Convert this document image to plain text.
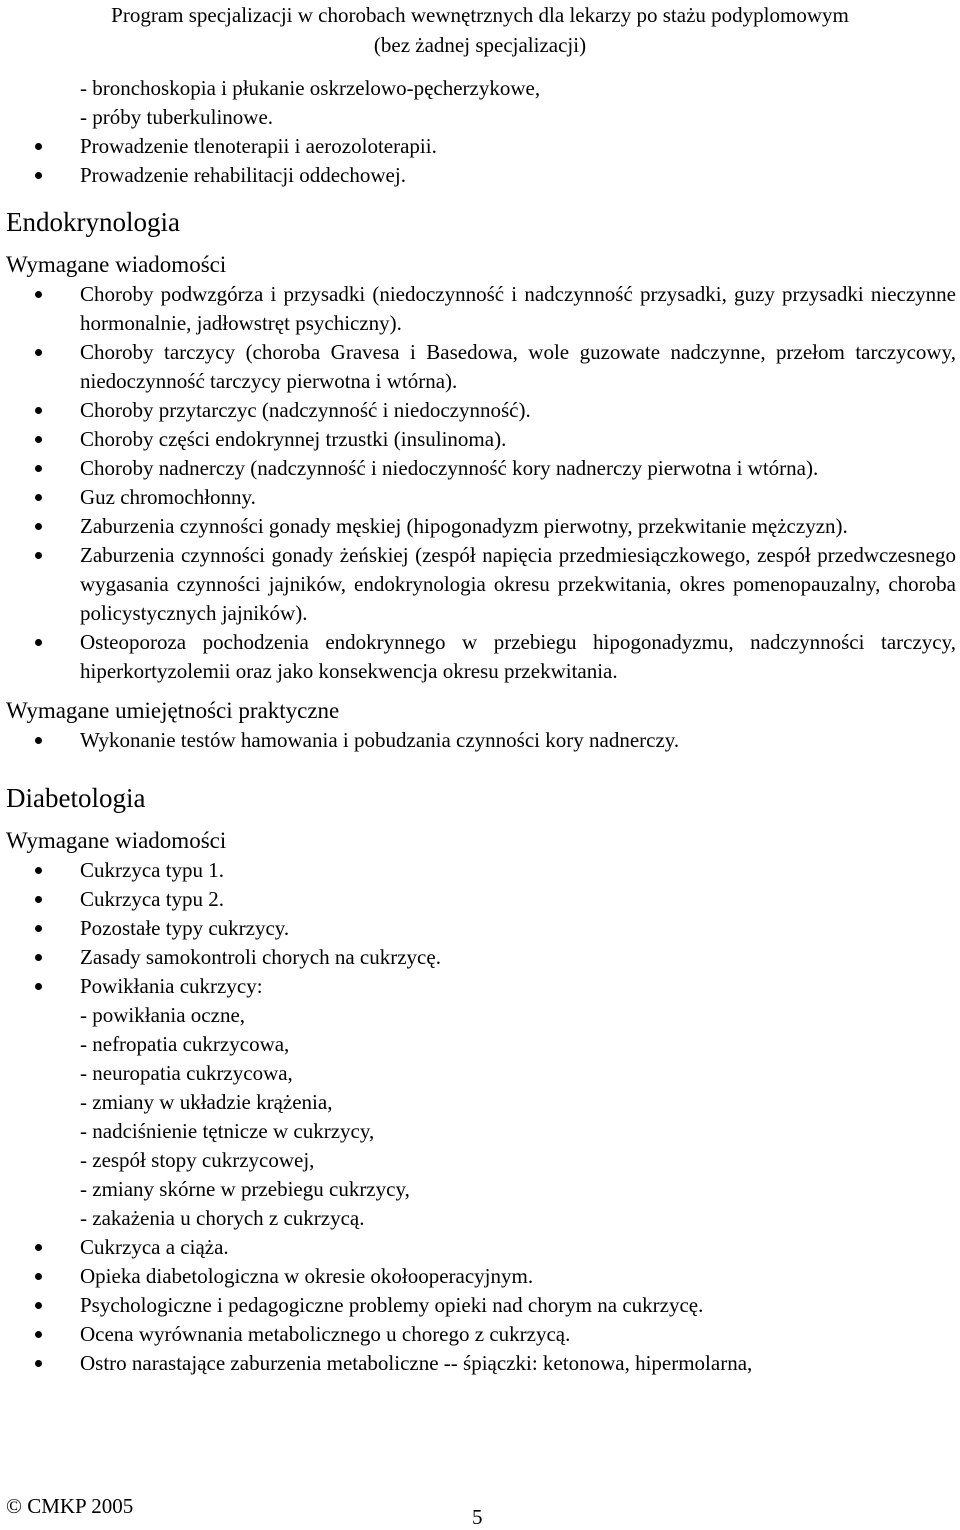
Program specjalizacji w chorobach wewnętrznych dla lekarzy po stażu podyplomowym
(bez żadnej specjalizacji)

- bronchoskopia i płukanie oskrzelowo-pęcherzykowe,

- próby tuberkulinowe.

Prowadzenie tlenoterapii i aerozoloterapii.
Prowadzenie rehabilitacji oddechowej.
Endokrynologia
Wymagane wiadomości
Choroby podwzgórza i przysadki (niedoczynność i nadczynność przysadki, guzy przysadki nieczynne hormonalnie, jadłowstręt psychiczny).
Choroby tarczycy (choroba Gravesa i Basedowa, wole guzowate nadczynne, przełom tarczycowy, niedoczynność tarczycy pierwotna i wtórna).
Choroby przytarczyc (nadczynność i niedoczynność).
Choroby części endokrynnej trzustki (insulinoma).
Choroby nadnerczy (nadczynność i niedoczynność kory nadnerczy pierwotna i wtórna).
Guz chromochłonny.
Zaburzenia czynności gonady męskiej (hipogonadyzm pierwotny, przekwitanie mężczyzn).
Zaburzenia czynności gonady żeńskiej (zespół napięcia przedmiesiączkowego, zespół przedwczesnego wygasania czynności jajników, endokrynologia okresu przekwitania, okres pomenopauzalny, choroba policystycznych jajników).
Osteoporoza pochodzenia endokrynnego w przebiegu hipogonadyzmu, nadczynności tarczycy, hiperkortyzolemii oraz jako konsekwencja okresu przekwitania.
Wymagane umiejętności praktyczne
Wykonanie testów hamowania i pobudzania czynności kory nadnerczy.
Diabetologia
Wymagane wiadomości
Cukrzyca typu 1.
Cukrzyca typu 2.
Pozostałe typy cukrzycy.
Zasady samokontroli chorych na cukrzycę.
Powikłania cukrzycy:
- powikłania oczne,
- nefropatia cukrzycowa,
- neuropatia cukrzycowa,
- zmiany w układzie krążenia,
- nadciśnienie tętnicze w cukrzycy,
- zespół stopy cukrzycowej,
- zmiany skórne w przebiegu cukrzycy,
- zakażenia u chorych z cukrzycą.
Cukrzyca a ciąża.
Opieka diabetologiczna w okresie okołooperacyjnym.
Psychologiczne i pedagogiczne problemy opieki nad chorym na cukrzycę.
Ocena wyrównania metabolicznego u chorego z cukrzycą.
Ostro narastające zaburzenia metaboliczne -- śpiączki: ketonowa, hipermolarna,
© CMKP 2005	5
